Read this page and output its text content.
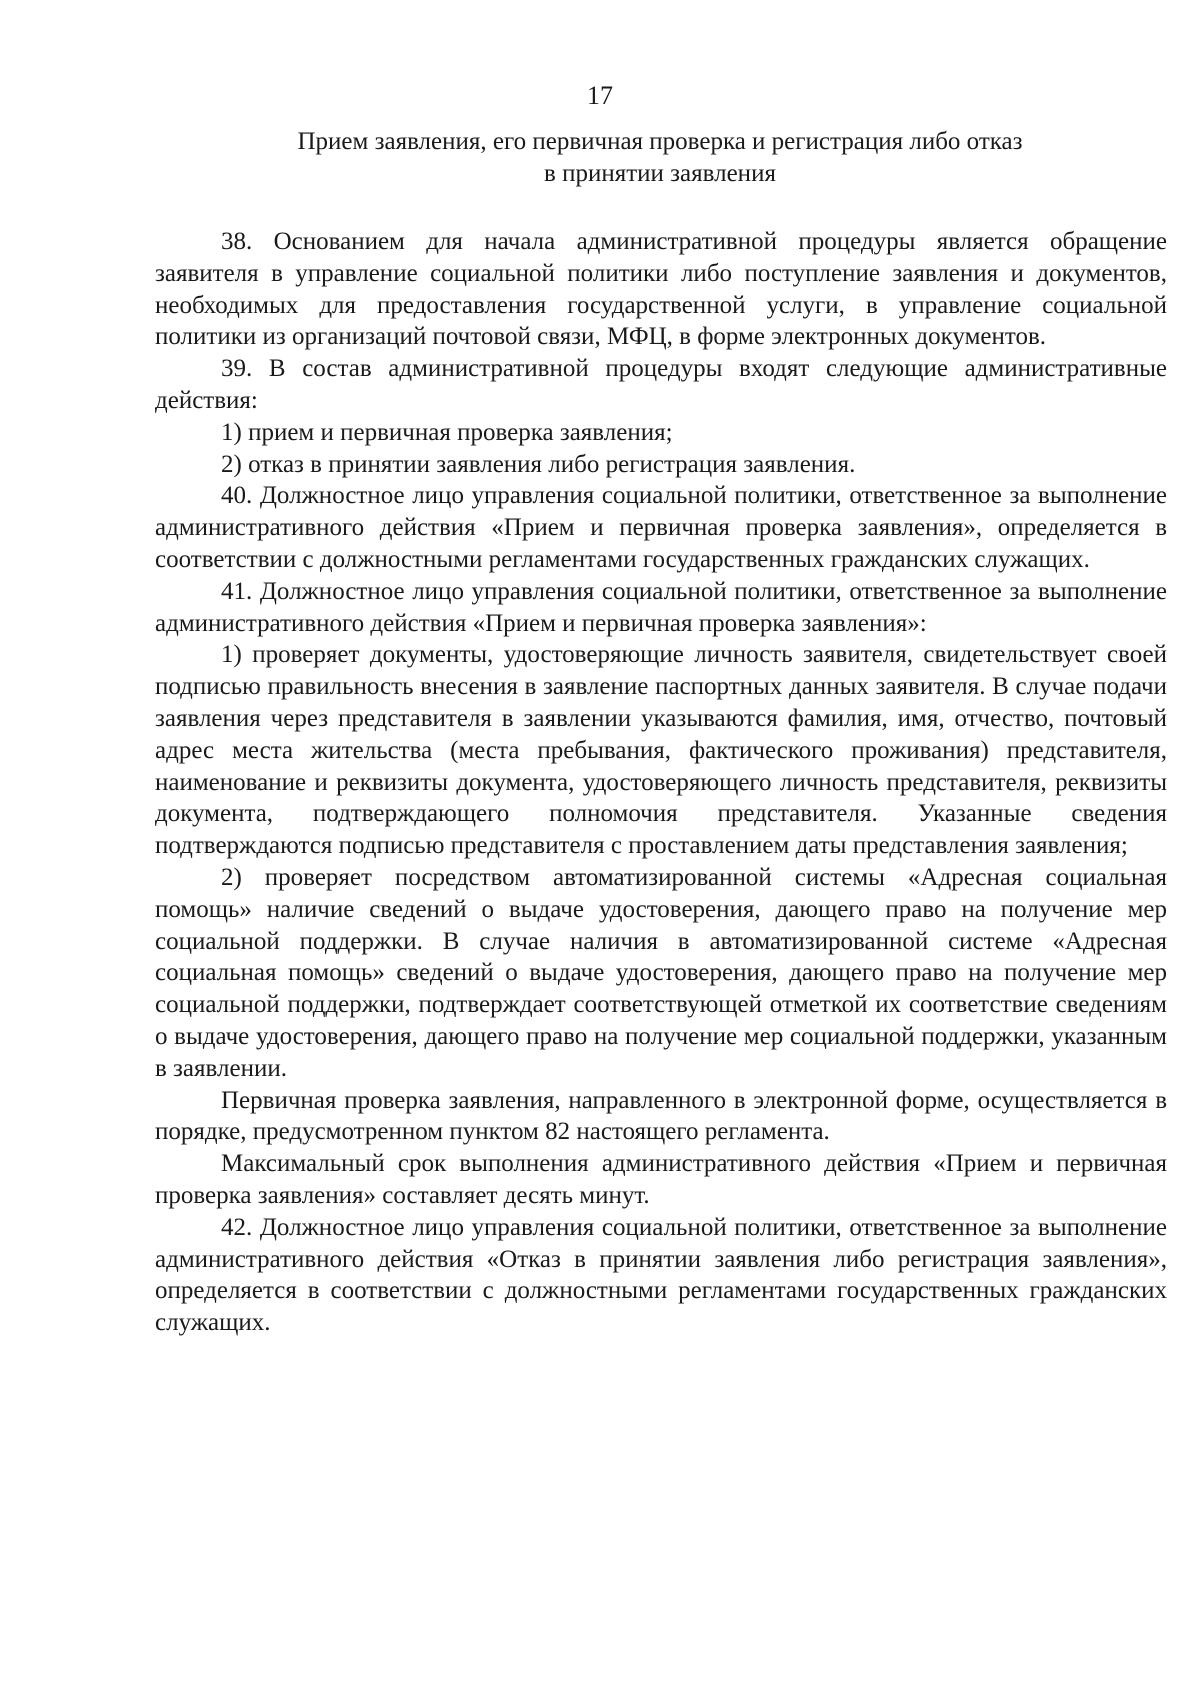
17
Прием заявления, его первичная проверка и регистрация либо отказ
в принятии заявления

38. Основанием для начала административной процедуры является обращение заявителя в управление социальной политики либо поступление заявления и документов, необходимых для предоставления государственной услуги, в управление социальной политики из организаций почтовой связи, МФЦ, в форме электронных документов.

39. В состав административной процедуры входят следующие административные действия:

1) прием и первичная проверка заявления;

2) отказ в принятии заявления либо регистрация заявления.

40. Должностное лицо управления социальной политики, ответственное за выполнение административного действия «Прием и первичная проверка заявления», определяется в соответствии с должностными регламентами государственных гражданских служащих.

41. Должностное лицо управления социальной политики, ответственное за выполнение административного действия «Прием и первичная проверка заявления»:

1) проверяет документы, удостоверяющие личность заявителя, свидетельствует своей подписью правильность внесения в заявление паспортных данных заявителя. В случае подачи заявления через представителя в заявлении указываются фамилия, имя, отчество, почтовый адрес места жительства (места пребывания, фактического проживания) представителя, наименование и реквизиты документа, удостоверяющего личность представителя, реквизиты документа, подтверждающего полномочия представителя. Указанные сведения подтверждаются подписью представителя с проставлением даты представления заявления;

2) проверяет посредством автоматизированной системы «Адресная социальная помощь» наличие сведений о выдаче удостоверения, дающего право на получение мер социальной поддержки. В случае наличия в автоматизированной системе «Адресная социальная помощь» сведений о выдаче удостоверения, дающего право на получение мер социальной поддержки, подтверждает соответствующей отметкой их соответствие сведениям о выдаче удостоверения, дающего право на получение мер социальной поддержки, указанным в заявлении.

Первичная проверка заявления, направленного в электронной форме, осуществляется в порядке, предусмотренном пунктом 82 настоящего регламента.

Максимальный срок выполнения административного действия «Прием и первичная проверка заявления» составляет десять минут.

42. Должностное лицо управления социальной политики, ответственное за выполнение административного действия «Отказ в принятии заявления либо регистрация заявления», определяется в соответствии с должностными регламентами государственных гражданских служащих.
